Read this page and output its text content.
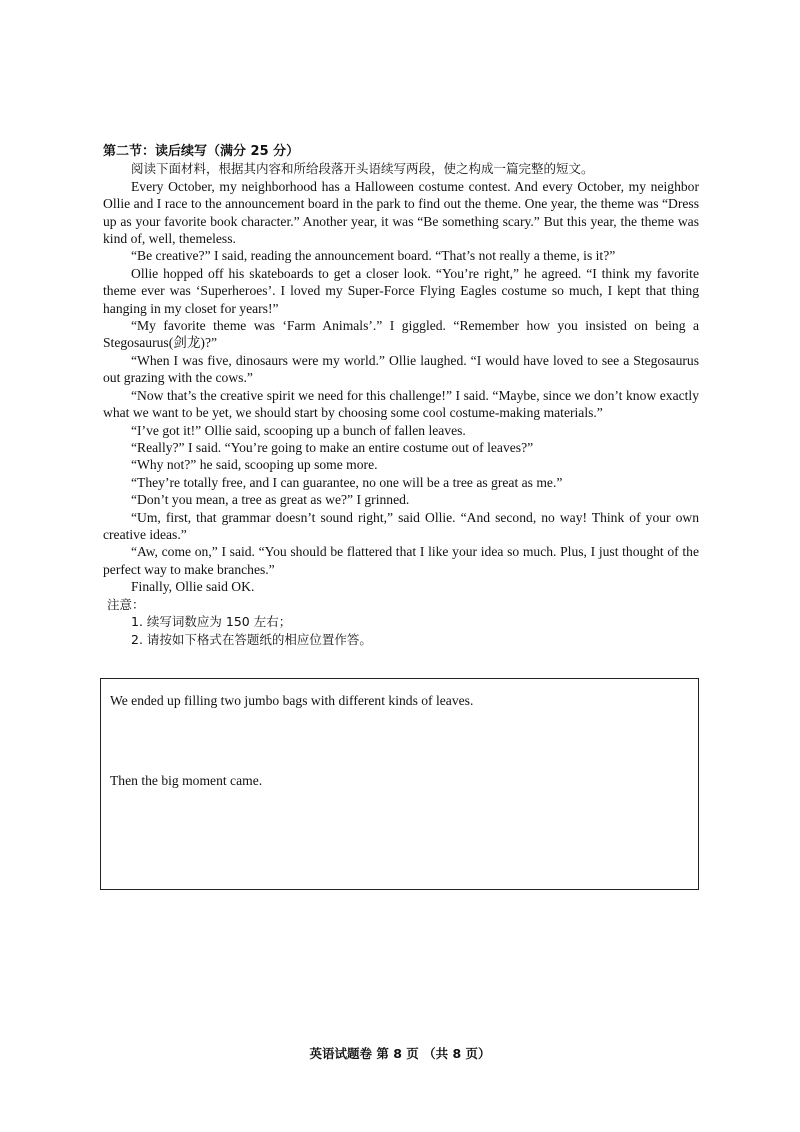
第二节：读后续写（满分 25 分）

阅读下面材料，根据其内容和所给段落开头语续写两段，使之构成一篇完整的短文。

Every October, my neighborhood has a Halloween costume contest. And every October, my neighbor Ollie and I race to the announcement board in the park to find out the theme. One year, the theme was “Dress up as your favorite book character.” Another year, it was “Be something scary.” But this year, the theme was kind of, well, themeless.

“Be creative?” I said, reading the announcement board. “That’s not really a theme, is it?”

Ollie hopped off his skateboards to get a closer look. “You’re right,” he agreed. “I think my favorite theme ever was ‘Superheroes’. I loved my Super-Force Flying Eagles costume so much, I kept that thing hanging in my closet for years!”

“My favorite theme was ‘Farm Animals’.” I giggled. “Remember how you insisted on being a Stegosaurus(剑龙)?”

“When I was five, dinosaurs were my world.” Ollie laughed. “I would have loved to see a Stegosaurus out grazing with the cows.”

“Now that’s the creative spirit we need for this challenge!” I said. “Maybe, since we don’t know exactly what we want to be yet, we should start by choosing some cool costume-making materials.”

“I’ve got it!” Ollie said, scooping up a bunch of fallen leaves.

“Really?” I said. “You’re going to make an entire costume out of leaves?”

“Why not?” he said, scooping up some more.

“They’re totally free, and I can guarantee, no one will be a tree as great as me.”

“Don’t you mean, a tree as great as we?” I grinned.

“Um, first, that grammar doesn’t sound right,” said Ollie. “And second, no way! Think of your own creative ideas.”

“Aw, come on,” I said. “You should be flattered that I like your idea so much. Plus, I just thought of the perfect way to make branches.”

Finally, Ollie said OK.

注意：

1. 续写词数应为 150 左右；

2. 请按如下格式在答题纸的相应位置作答。

We ended up filling two jumbo bags with different kinds of leaves.

Then the big moment came.

英语试题卷 第 8 页 （共 8 页）
